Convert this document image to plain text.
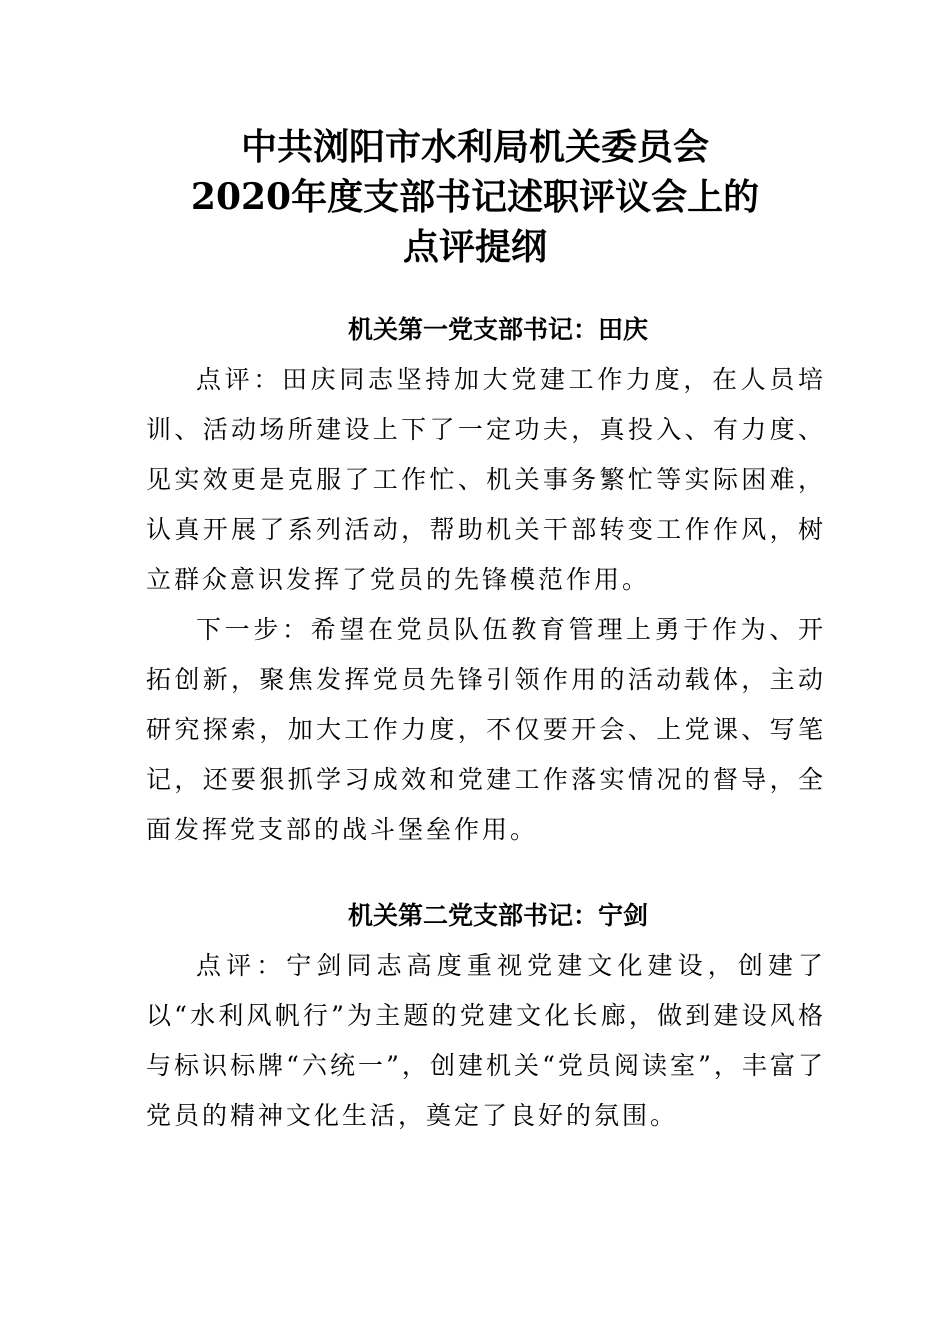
中共浏阳市水利局机关委员会
2020年度支部书记述职评议会上的
点评提纲
机关第一党支部书记：田庆

点评：田庆同志坚持加大党建工作力度，在人员培训、活动场所建设上下了一定功夫，真投入、有力度、见实效更是克服了工作忙、机关事务繁忙等实际困难，认真开展了系列活动，帮助机关干部转变工作作风，树立群众意识发挥了党员的先锋模范作用。

下一步：希望在党员队伍教育管理上勇于作为、开拓创新，聚焦发挥党员先锋引领作用的活动载体，主动研究探索，加大工作力度，不仅要开会、上党课、写笔记，还要狠抓学习成效和党建工作落实情况的督导，全面发挥党支部的战斗堡垒作用。

机关第二党支部书记：宁剑

点评：宁剑同志高度重视党建文化建设，创建了以“水利风帆行”为主题的党建文化长廊，做到建设风格与标识标牌“六统一”，创建机关“党员阅读室”，丰富了党员的精神文化生活，奠定了良好的氛围。
